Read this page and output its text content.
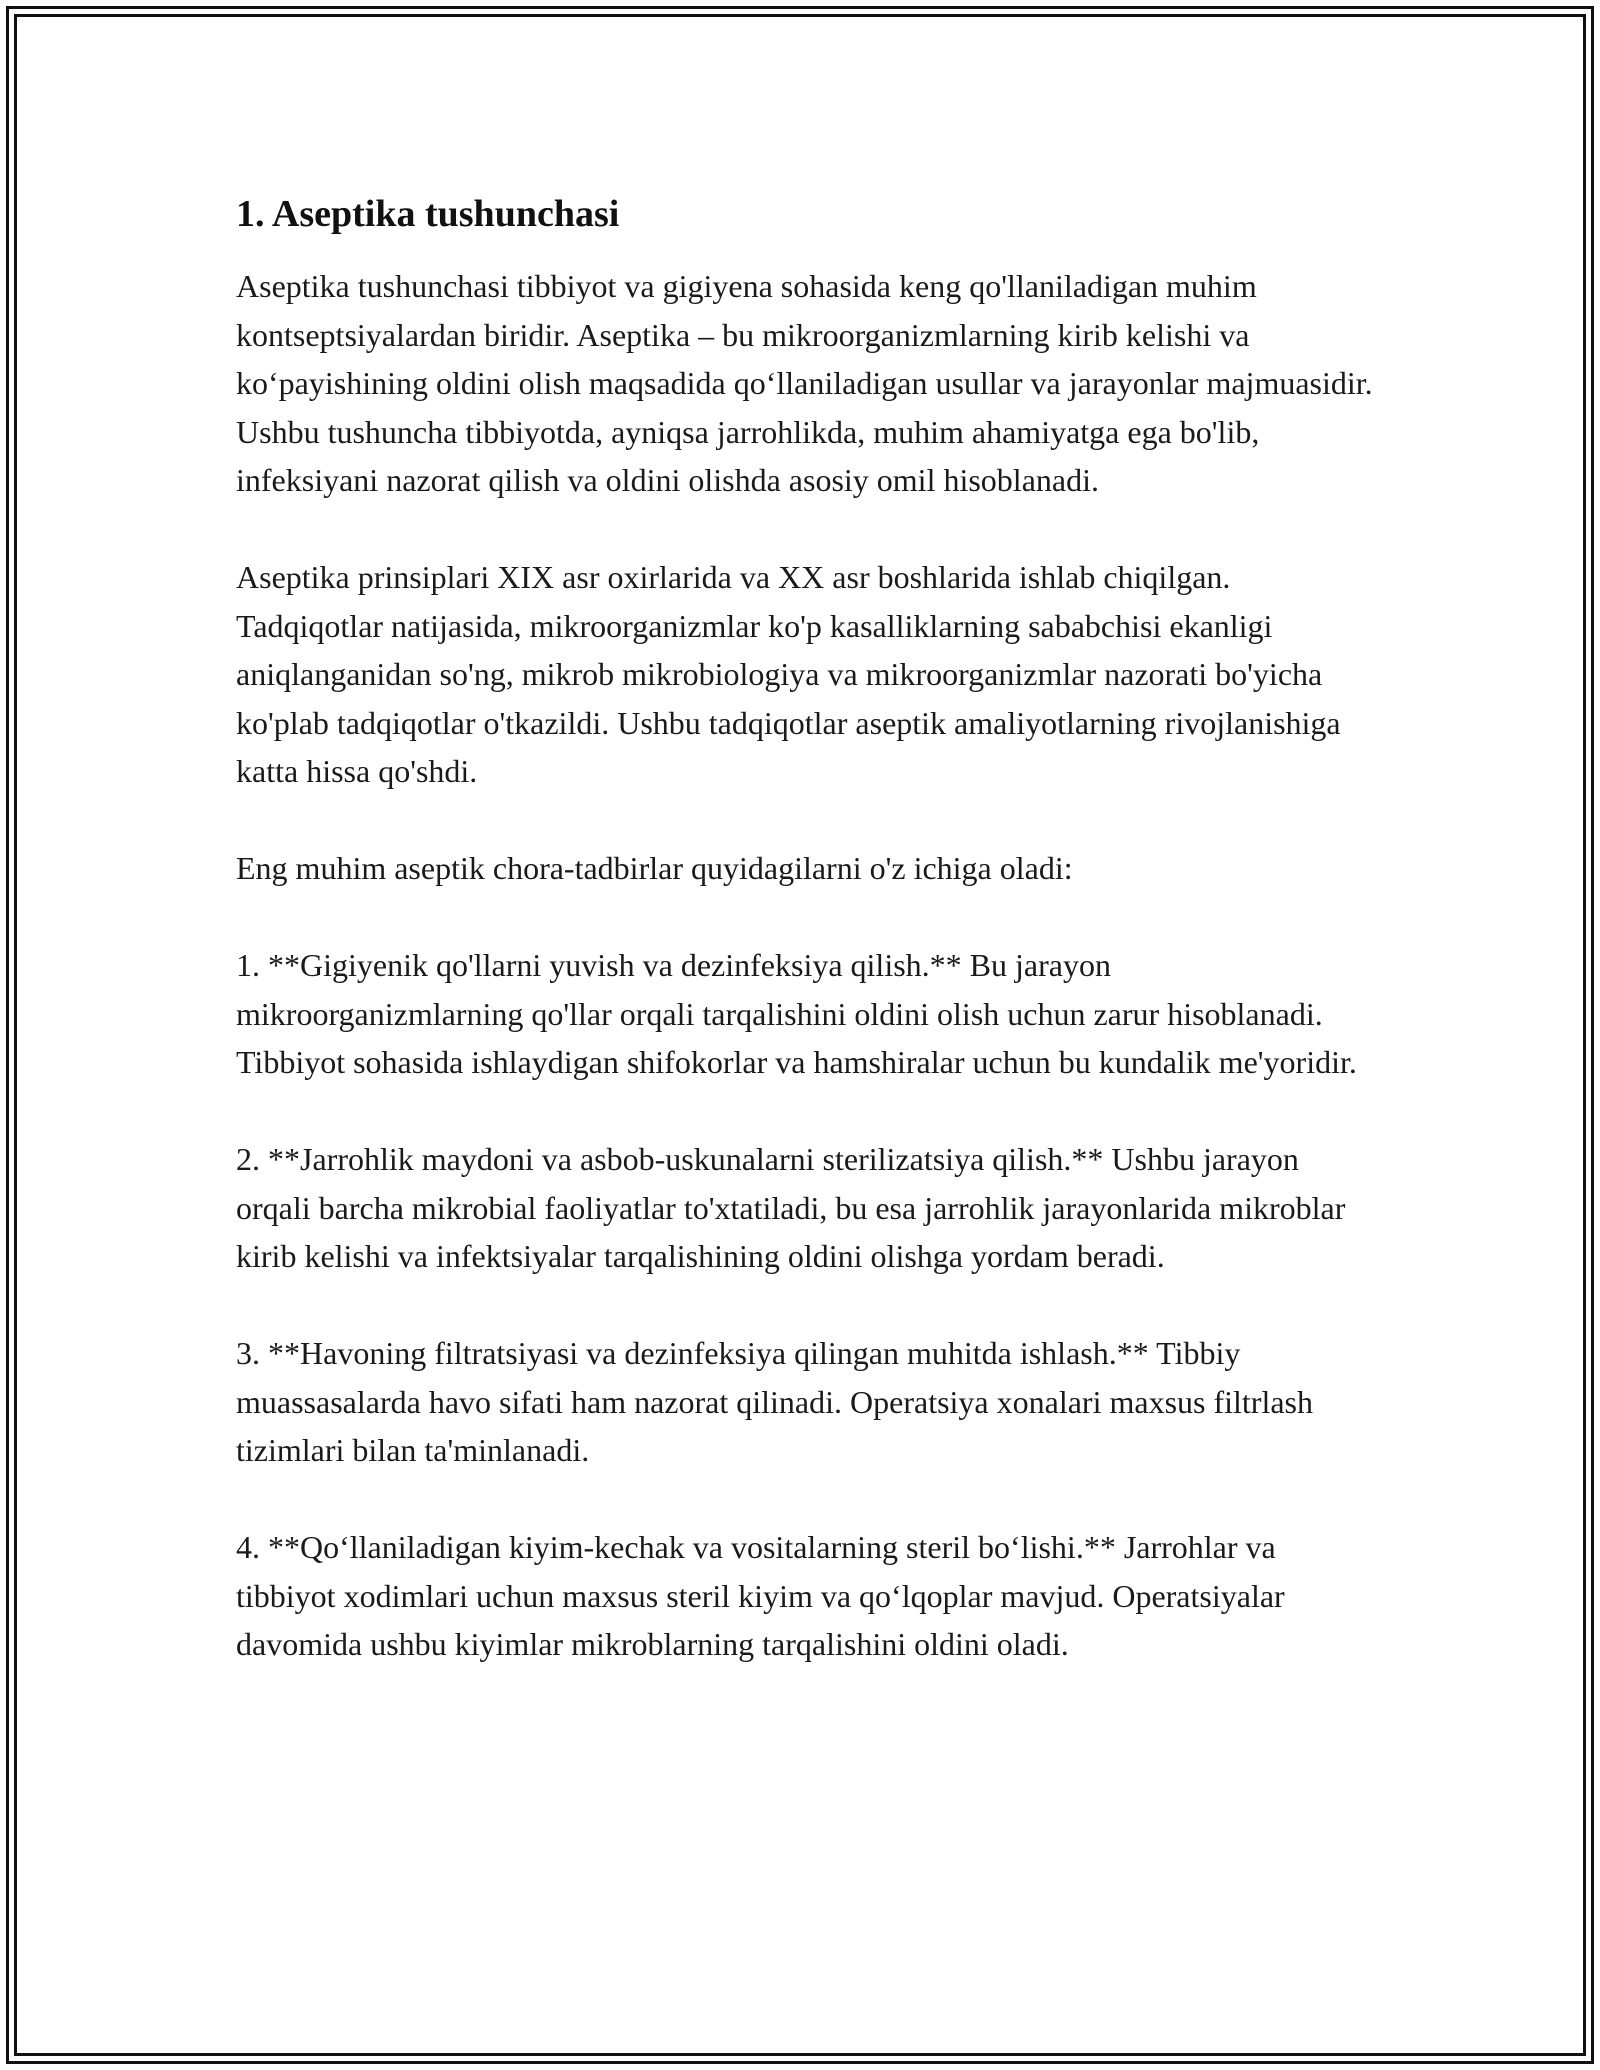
1. Aseptika tushunchasi

Aseptika tushunchasi tibbiyot va gigiyena sohasida keng qo'llaniladigan muhim kontseptsiyalardan biridir. Aseptika – bu mikroorganizmlarning kirib kelishi va koʻpayishining oldini olish maqsadida qoʻllaniladigan usullar va jarayonlar majmuasidir. Ushbu tushuncha tibbiyotda, ayniqsa jarrohlikda, muhim ahamiyatga ega bo'lib, infeksiyani nazorat qilish va oldini olishda asosiy omil hisoblanadi.

Aseptika prinsiplari XIX asr oxirlarida va XX asr boshlarida ishlab chiqilgan. Tadqiqotlar natijasida, mikroorganizmlar ko'p kasalliklarning sababchisi ekanligi aniqlanganidan so'ng, mikrob mikrobiologiya va mikroorganizmlar nazorati bo'yicha ko'plab tadqiqotlar o'tkazildi. Ushbu tadqiqotlar aseptik amaliyotlarning rivojlanishiga katta hissa qo'shdi.

Eng muhim aseptik chora-tadbirlar quyidagilarni o'z ichiga oladi:

1. **Gigiyenik qo'llarni yuvish va dezinfeksiya qilish.** Bu jarayon mikroorganizmlarning qo'llar orqali tarqalishini oldini olish uchun zarur hisoblanadi. Tibbiyot sohasida ishlaydigan shifokorlar va hamshiralar uchun bu kundalik me'yoridir.

2. **Jarrohlik maydoni va asbob-uskunalarni sterilizatsiya qilish.** Ushbu jarayon orqali barcha mikrobial faoliyatlar to'xtatiladi, bu esa jarrohlik jarayonlarida mikroblar kirib kelishi va infektsiyalar tarqalishining oldini olishga yordam beradi.

3. **Havoning filtratsiyasi va dezinfeksiya qilingan muhitda ishlash.** Tibbiy muassasalarda havo sifati ham nazorat qilinadi. Operatsiya xonalari maxsus filtrlash tizimlari bilan ta'minlanadi.

4. **Qoʻllaniladigan kiyim-kechak va vositalarning steril boʻlishi.** Jarrohlar va tibbiyot xodimlari uchun maxsus steril kiyim va qoʻlqoplar mavjud. Operatsiyalar davomida ushbu kiyimlar mikroblarning tarqalishini oldini oladi.
